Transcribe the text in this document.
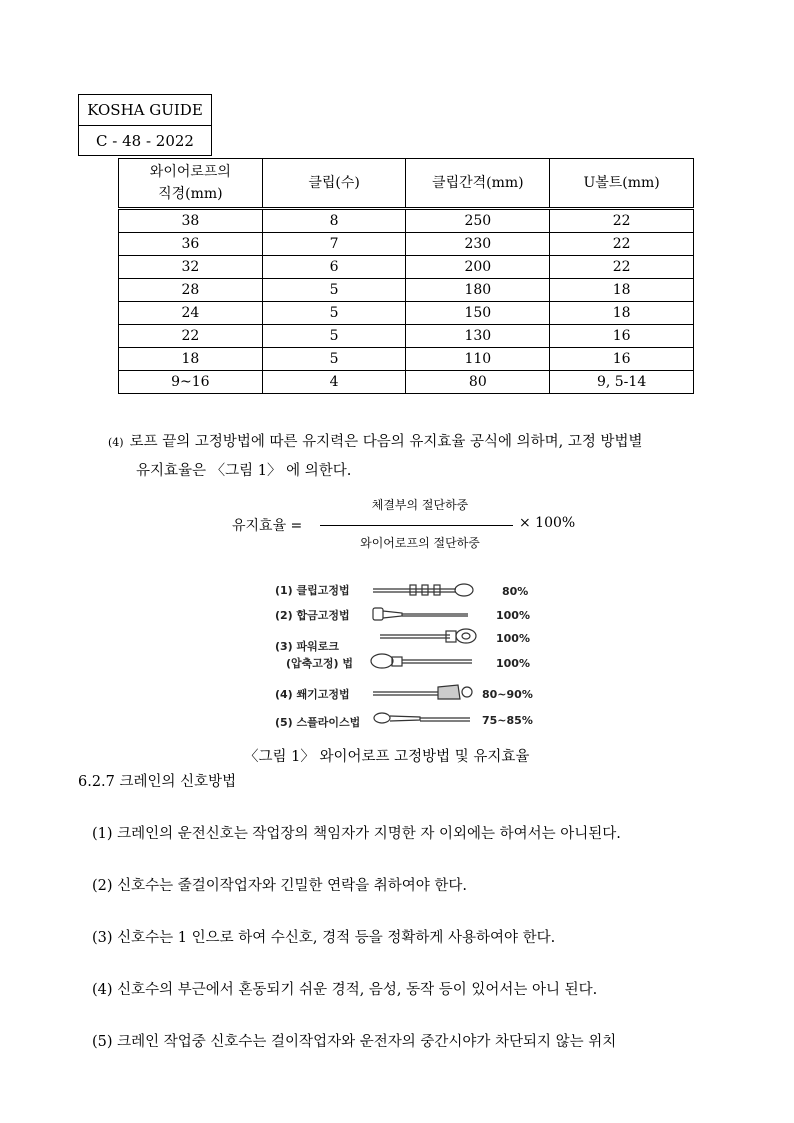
KOSHA GUIDE
C - 48 - 2022
와이어로프의
직경(mm)	클립(수)	클립간격(mm)	U볼트(mm)
38	8	250	22
36	7	230	22
32	6	200	22
28	5	180	18
24	5	150	18
22	5	130	16
18	5	110	16
9~16	4	80	9, 5-14
(4) 로프 끝의 고정방법에 따른 유지력은 다음의 유지효율 공식에 의하며, 고정 방법별
유지효율은 〈그림 1〉 에 의한다.
유지효율 =
체결부의 절단하중
와이어로프의 절단하중
× 100%
(1) 클립고정법
(2) 합금고정법
(3) 파워로크
(압축고정) 법
(4) 쐐기고정법
(5) 스플라이스법
80%
100%
100%
100%
80~90%
75~85%
〈그림 1〉 와이어로프 고정방법 및 유지효율
6.2.7 크레인의 신호방법
(1) 크레인의 운전신호는 작업장의 책임자가 지명한 자 이외에는 하여서는 아니된다.
(2) 신호수는 줄걸이작업자와 긴밀한 연락을 취하여야 한다.
(3) 신호수는 1 인으로 하여 수신호, 경적 등을 정확하게 사용하여야 한다.
(4) 신호수의 부근에서 혼동되기 쉬운 경적, 음성, 동작 등이 있어서는 아니 된다.
(5) 크레인 작업중 신호수는 걸이작업자와 운전자의 중간시야가 차단되지 않는 위치
